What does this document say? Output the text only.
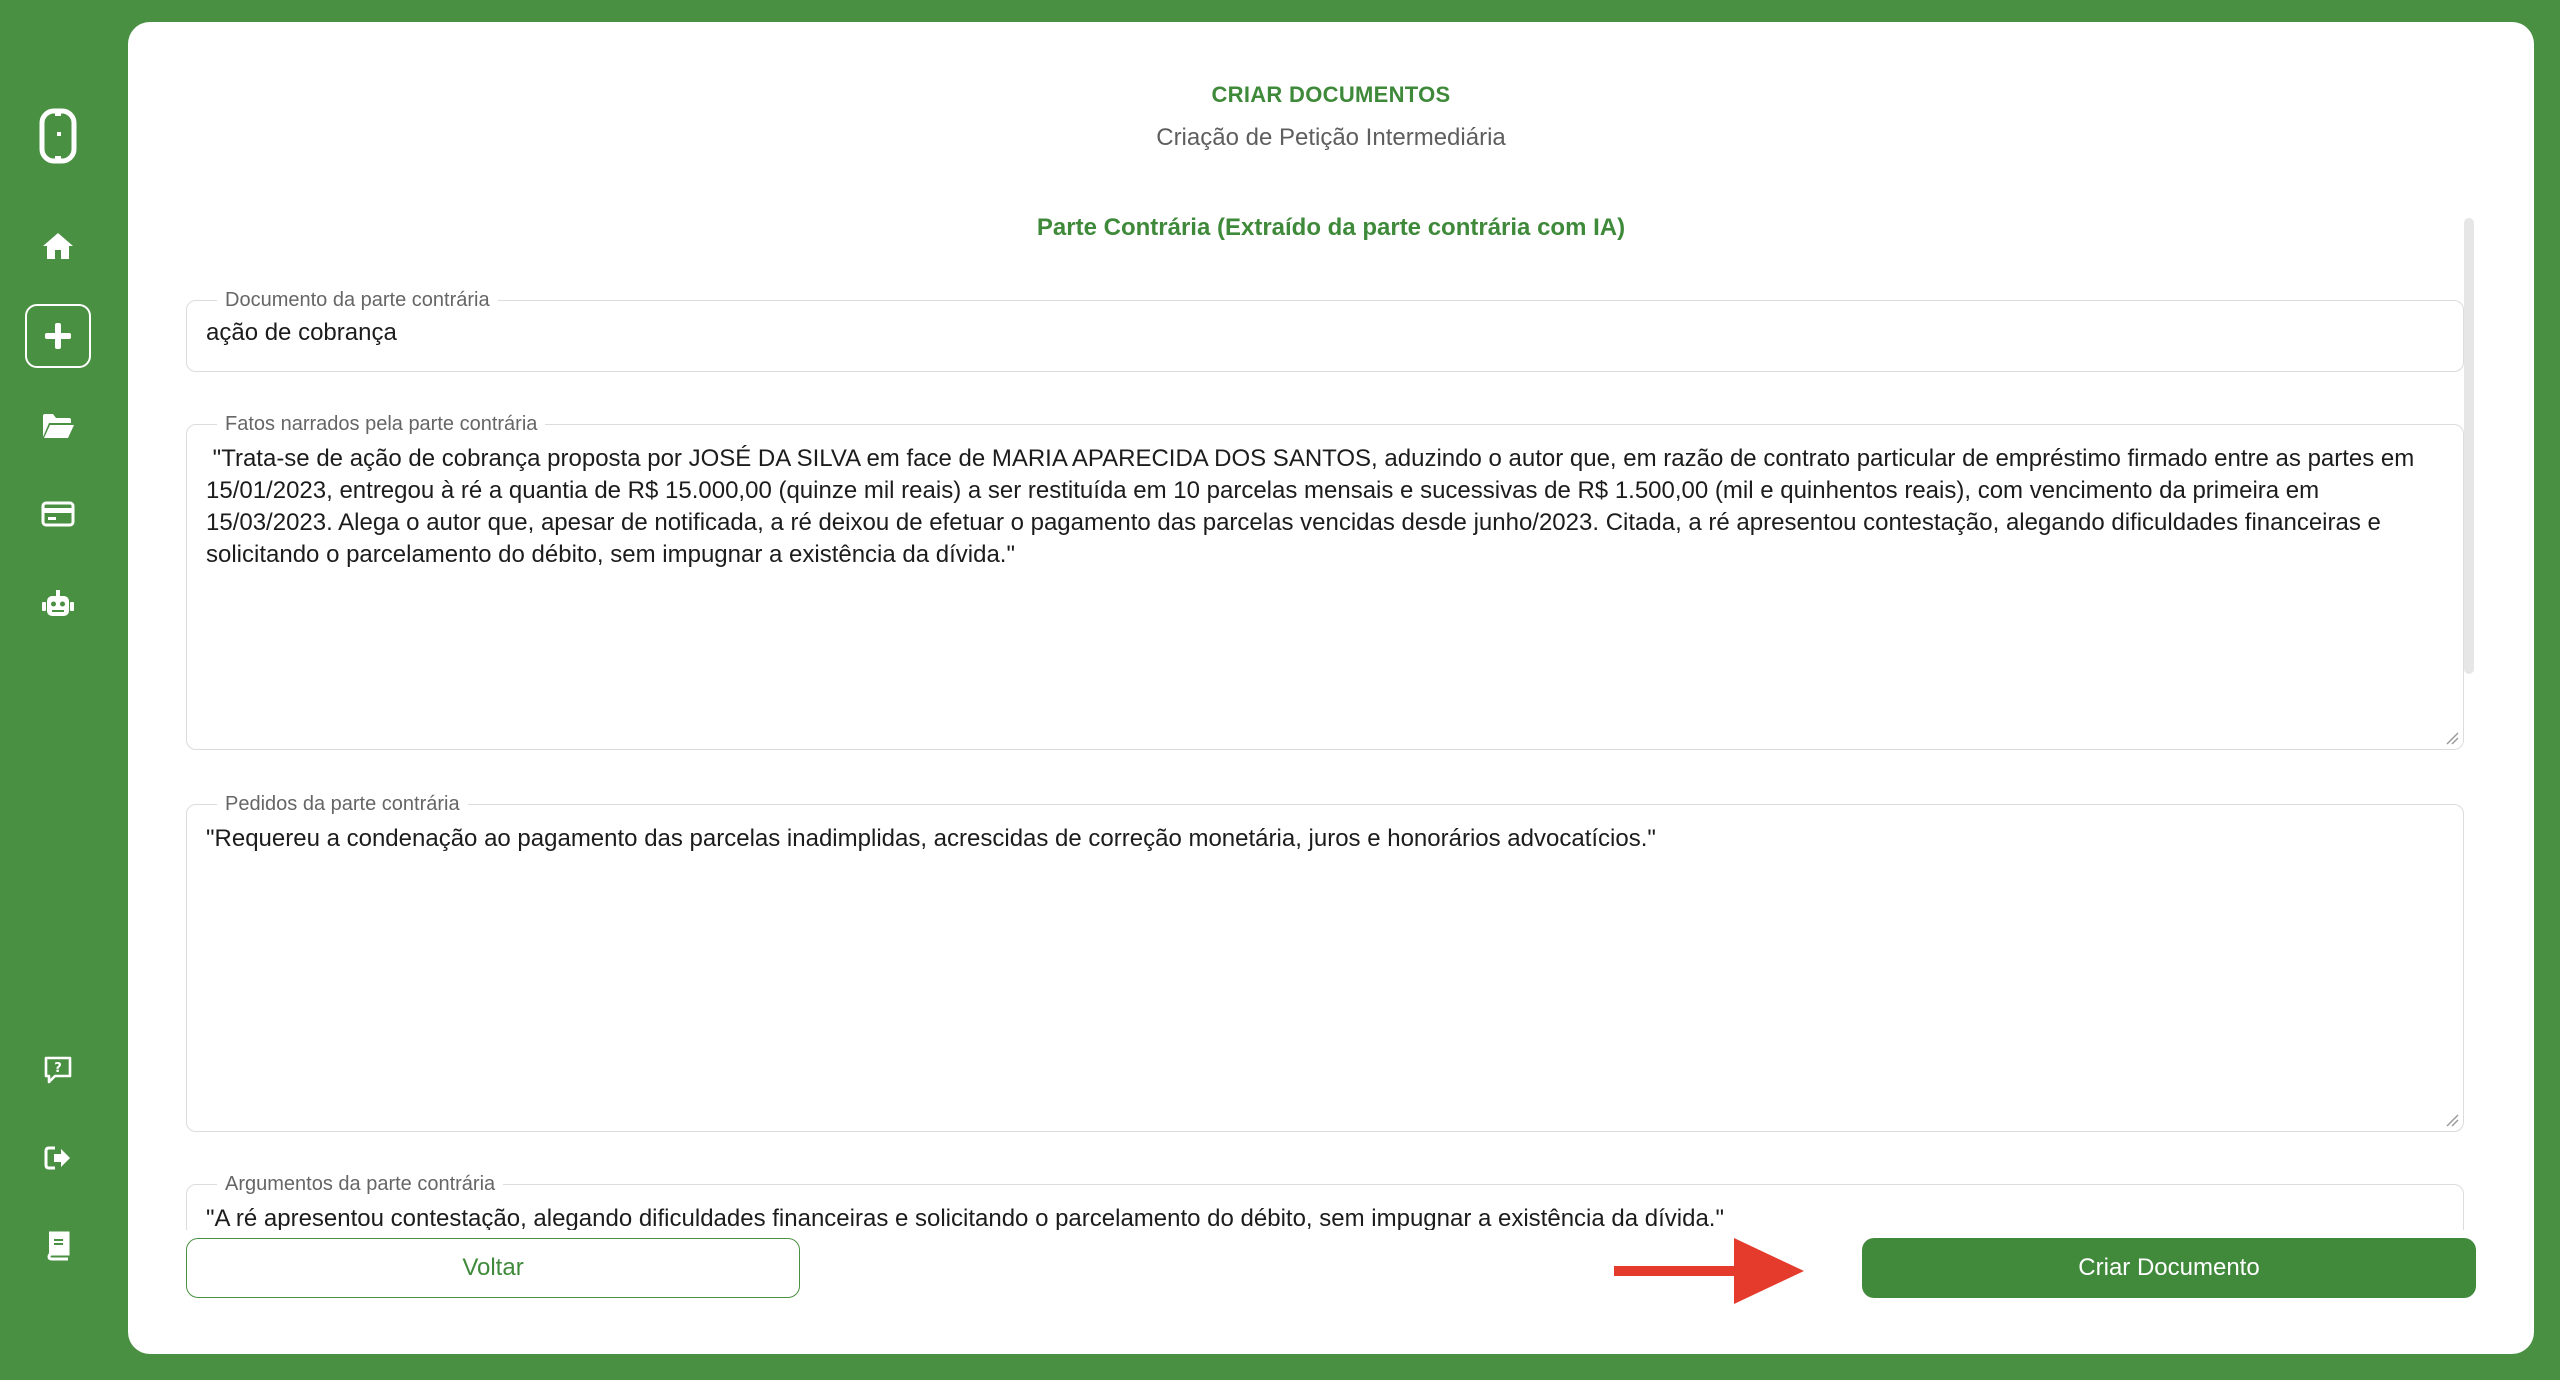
?
CRIAR DOCUMENTOS
Criação de Petição Intermediária
Parte Contrária (Extraído da parte contrária com IA)
Documento da parte contrária
ação de cobrança
Fatos narrados pela parte contrária
"Trata-se de ação de cobrança proposta por JOSÉ DA SILVA em face de MARIA APARECIDA DOS SANTOS, aduzindo o autor que, em razão de contrato particular de empréstimo firmado entre as partes em 15/01/2023, entregou à ré a quantia de R$ 15.000,00 (quinze mil reais) a ser restituída em 10 parcelas mensais e sucessivas de R$ 1.500,00 (mil e quinhentos reais), com vencimento da primeira em 15/03/2023. Alega o autor que, apesar de notificada, a ré deixou de efetuar o pagamento das parcelas vencidas desde junho/2023. Citada, a ré apresentou contestação, alegando dificuldades financeiras e solicitando o parcelamento do débito, sem impugnar a existência da dívida."
Pedidos da parte contrária
"Requereu a condenação ao pagamento das parcelas inadimplidas, acrescidas de correção monetária, juros e honorários advocatícios."
Argumentos da parte contrária
"A ré apresentou contestação, alegando dificuldades financeiras e solicitando o parcelamento do débito, sem impugnar a existência da dívida."
Voltar	Criar Documento
